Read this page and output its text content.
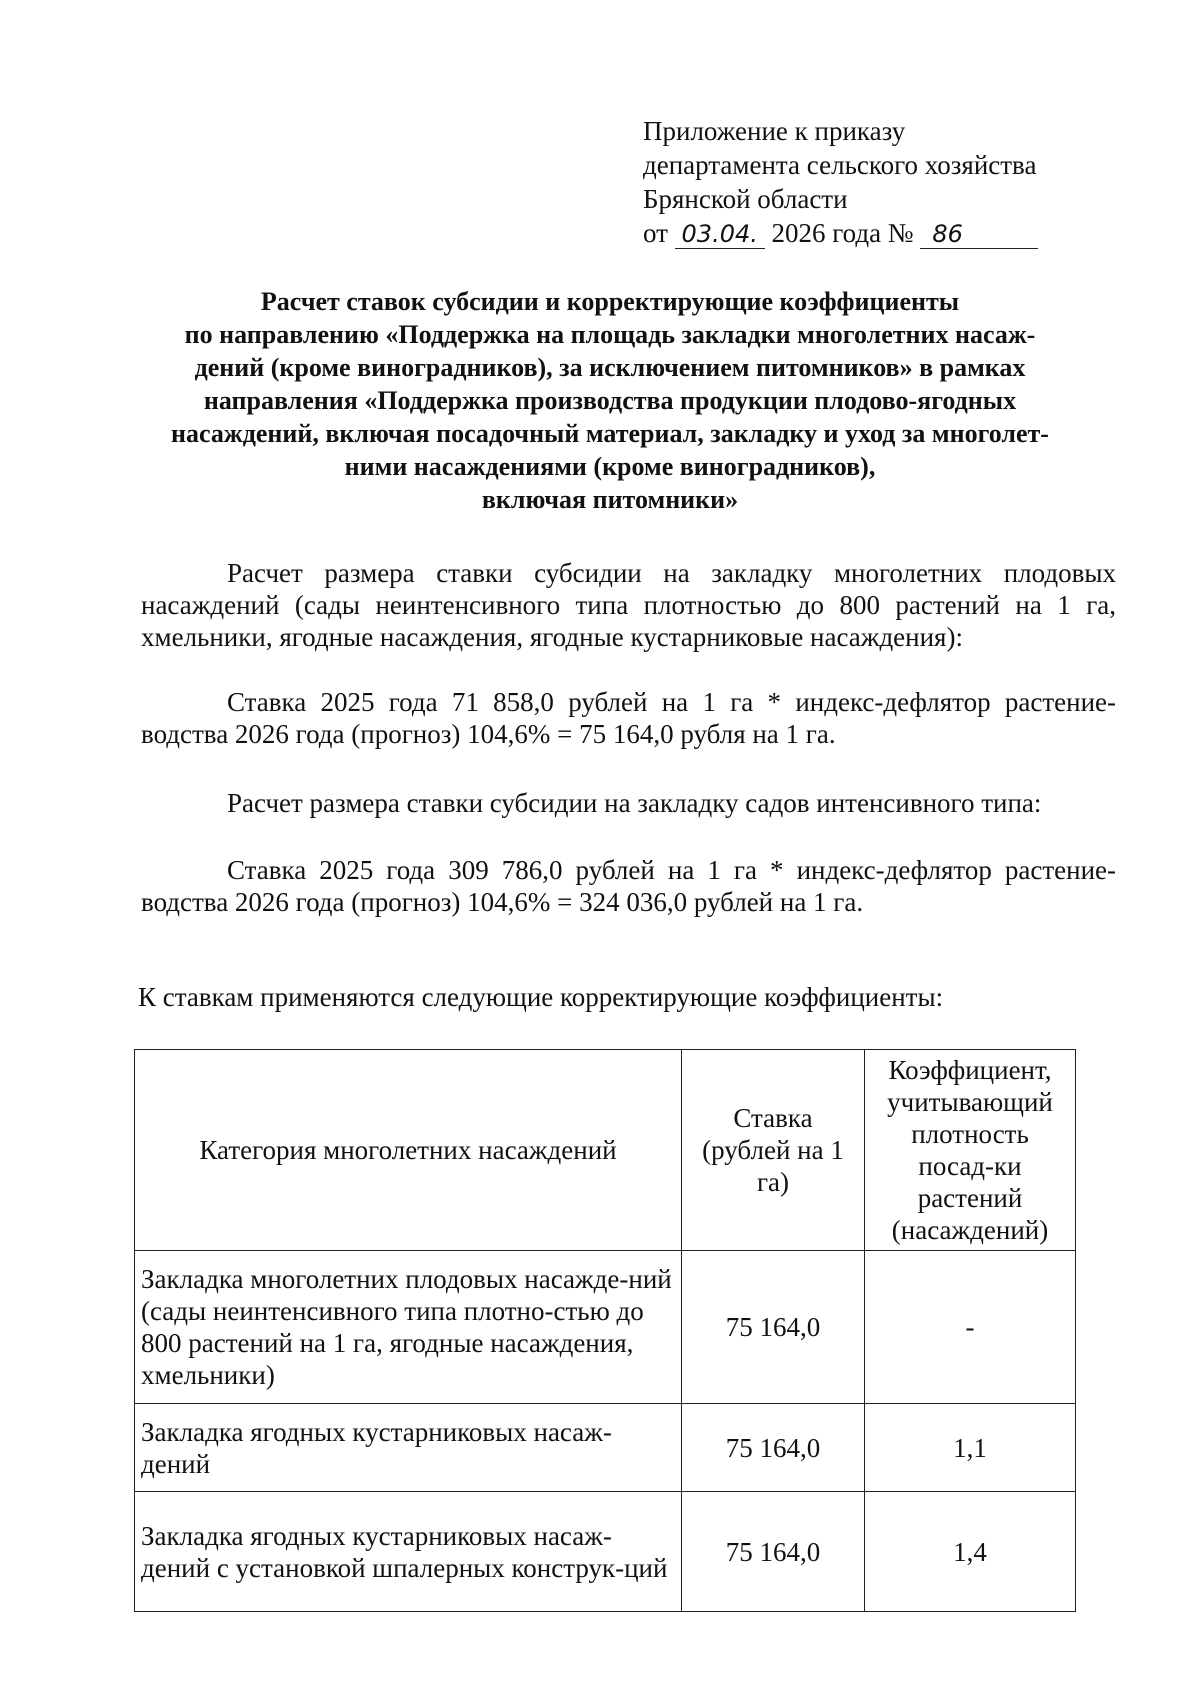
Приложение к приказу
департамента сельского хозяйства
Брянской области
от 03.04. 2026 года № 86
Расчет ставок субсидии и корректирующие коэффициенты
по направлению «Поддержка на площадь закладки многолетних насаж-
дений (кроме виноградников), за исключением питомников» в рамках
направления «Поддержка производства продукции плодово-ягодных
насаждений, включая посадочный материал, закладку и уход за многолет-
ними насаждениями (кроме виноградников),
включая питомники»
Расчет размера ставки субсидии на закладку многолетних плодовых насаждений (сады неинтенсивного типа плотностью до 800 растений на 1 га, хмельники, ягодные насаждения, ягодные кустарниковые насаждения):
Ставка 2025 года 71 858,0 рублей на 1 га * индекс-дефлятор растение-водства 2026 года (прогноз) 104,6% = 75 164,0 рубля на 1 га.
Расчет размера ставки субсидии на закладку садов интенсивного типа:
Ставка 2025 года 309 786,0 рублей на 1 га * индекс-дефлятор растение-водства 2026 года (прогноз) 104,6% = 324 036,0 рублей на 1 га.
К ставкам применяются следующие корректирующие коэффициенты:
Категория многолетних насаждений	Ставка (рублей на 1 га)	Коэффициент, учитывающий плотность посад-ки растений (насаждений)
Закладка многолетних плодовых насажде-ний (сады неинтенсивного типа плотно-стью до 800 растений на 1 га, ягодные насаждения, хмельники)	75 164,0	-
Закладка ягодных кустарниковых насаж-дений	75 164,0	1,1
Закладка ягодных кустарниковых насаж-дений с установкой шпалерных конструк-ций	75 164,0	1,4
